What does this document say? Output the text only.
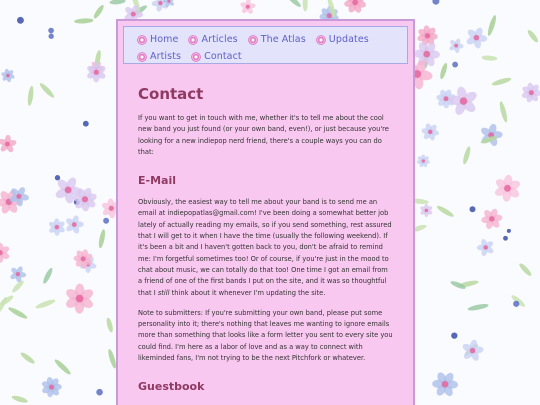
Home Articles The Atlas Updates
Artists Contact
Contact

If you want to get in touch with me, whether it's to tell me about the cool new band you just found (or your own band, even!), or just because you're looking for a new indiepop nerd friend, there's a couple ways you can do that:

E-Mail

Obviously, the easiest way to tell me about your band is to send me an email at indiepopatlas@gmail.com! I've been doing a somewhat better job lately of actually reading my emails, so if you send something, rest assured that I will get to it when I have the time (usually the following weekend). If it's been a bit and I haven't gotten back to you, don't be afraid to remind me: I'm forgetful sometimes too! Or of course, if you're just in the mood to chat about music, we can totally do that too! One time I got an email from a friend of one of the first bands I put on the site, and it was so thoughtful that I still think about it whenever I'm updating the site.

Note to submitters: If you're submitting your own band, please put some personality into it; there's nothing that leaves me wanting to ignore emails more than something that looks like a form letter you sent to every site you could find. I'm here as a labor of love and as a way to connect with likeminded fans, I'm not trying to be the next Pitchfork or whatever.

Guestbook
